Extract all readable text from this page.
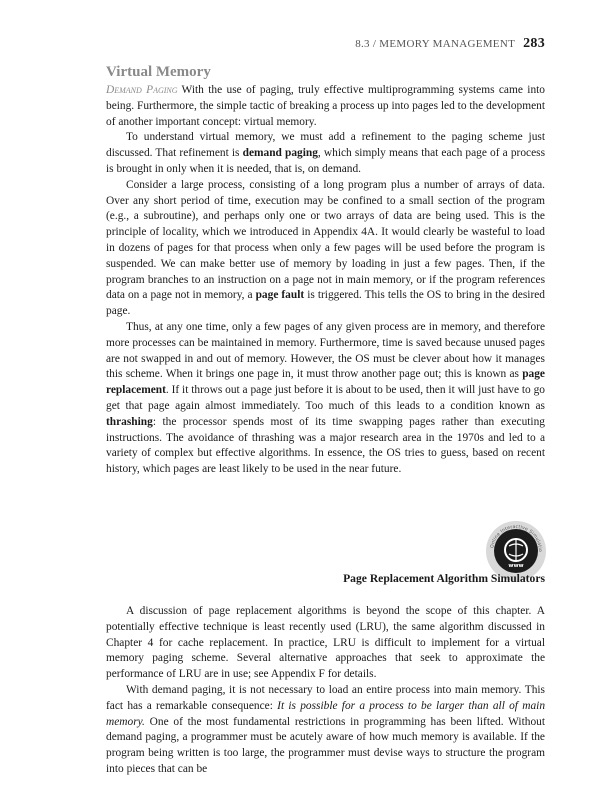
8.3 / MEMORY MANAGEMENT 283
Virtual Memory

Demand Paging With the use of paging, truly effective multiprogramming systems came into being. Furthermore, the simple tactic of breaking a process up into pages led to the development of another important concept: virtual memory.

To understand virtual memory, we must add a refinement to the paging scheme just discussed. That refinement is demand paging, which simply means that each page of a process is brought in only when it is needed, that is, on demand.

Consider a large process, consisting of a long program plus a number of arrays of data. Over any short period of time, execution may be confined to a small section of the program (e.g., a subroutine), and perhaps only one or two arrays of data are being used. This is the principle of locality, which we introduced in Appendix 4A. It would clearly be wasteful to load in dozens of pages for that process when only a few pages will be used before the program is suspended. We can make better use of memory by loading in just a few pages. Then, if the program branches to an instruction on a page not in main memory, or if the program references data on a page not in memory, a page fault is triggered. This tells the OS to bring in the desired page.

Thus, at any one time, only a few pages of any given process are in memory, and therefore more processes can be maintained in memory. Furthermore, time is saved because unused pages are not swapped in and out of memory. However, the OS must be clever about how it manages this scheme. When it brings one page in, it must throw another page out; this is known as page replacement. If it throws out a page just before it is about to be used, then it will just have to go get that page again almost immediately. Too much of this leads to a condition known as thrashing: the processor spends most of its time swapping pages rather than executing instructions. The avoidance of thrashing was a major research area in the 1970s and led to a variety of complex but effective algorithms. In essence, the OS tries to guess, based on recent history, which pages are least likely to be used in the near future.

Online Interactive Simulatio
www
Page Replacement Algorithm Simulators

A discussion of page replacement algorithms is beyond the scope of this chapter. A potentially effective technique is least recently used (LRU), the same algorithm discussed in Chapter 4 for cache replacement. In practice, LRU is difficult to implement for a virtual memory paging scheme. Several alternative approaches that seek to approximate the performance of LRU are in use; see Appendix F for details.

With demand paging, it is not necessary to load an entire process into main memory. This fact has a remarkable consequence: It is possible for a process to be larger than all of main memory. One of the most fundamental restrictions in programming has been lifted. Without demand paging, a programmer must be acutely aware of how much memory is available. If the program being written is too large, the programmer must devise ways to structure the program into pieces that can be
